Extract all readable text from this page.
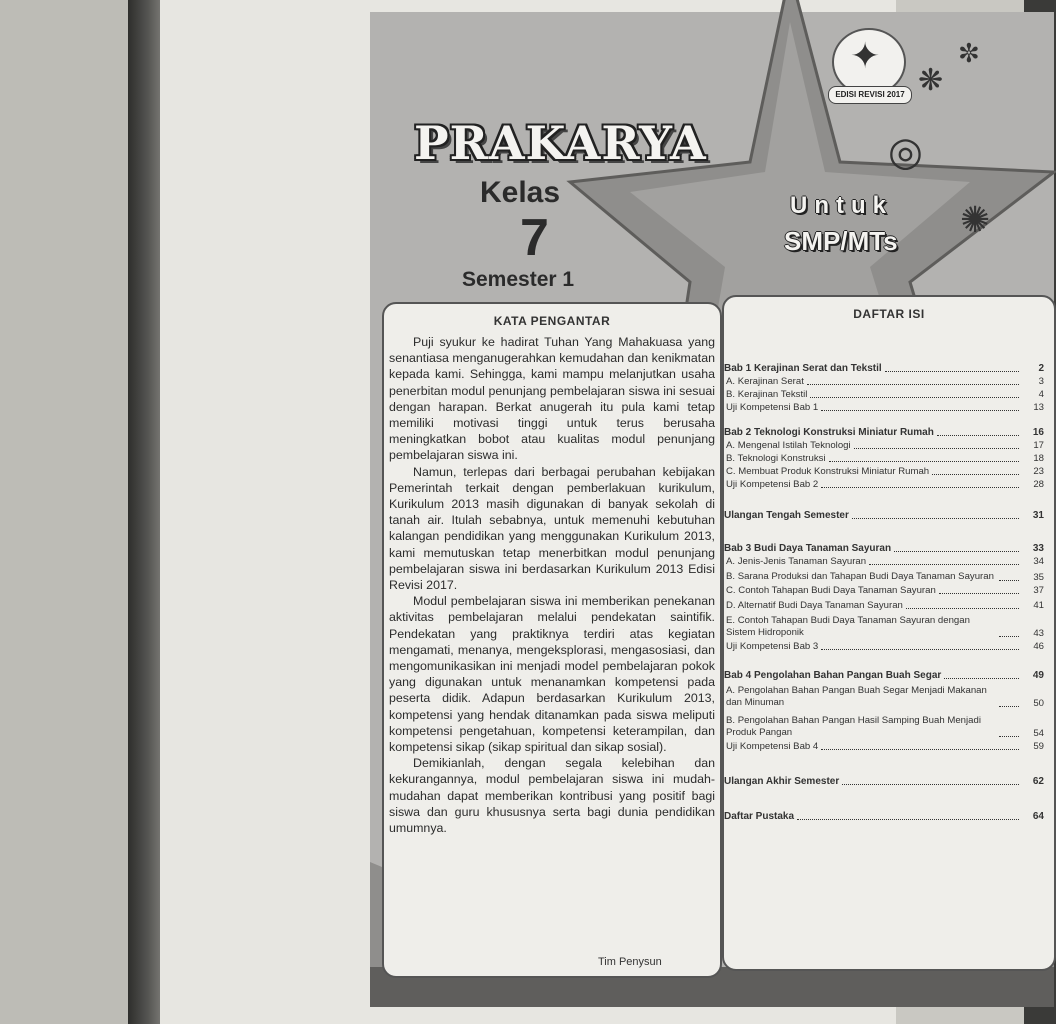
✦
EDISI REVISI 2017
✼
❋
◎
✺
PRAKARYA
Kelas
7
Semester 1
Untuk
SMP/MTs
KATA PENGANTAR

Puji syukur ke hadirat Tuhan Yang Mahakuasa yang senantiasa menganugerahkan kemudahan dan kenikmatan kepada kami. Sehingga, kami mampu melanjutkan usaha penerbitan modul penunjang pembelajaran siswa ini sesuai dengan harapan. Berkat anugerah itu pula kami tetap memiliki motivasi tinggi untuk terus berusaha meningkatkan bobot atau kualitas modul penunjang pembelajaran siswa ini.

Namun, terlepas dari berbagai perubahan kebijakan Pemerintah terkait dengan pemberlakuan kurikulum, Kurikulum 2013 masih digunakan di banyak sekolah di tanah air. Itulah sebabnya, untuk memenuhi kebutuhan kalangan pendidikan yang menggunakan Kurikulum 2013, kami memutuskan tetap menerbitkan modul penunjang pembelajaran siswa ini berdasarkan Kurikulum 2013 Edisi Revisi 2017.

Modul pembelajaran siswa ini memberikan penekanan aktivitas pembelajaran melalui pendekatan saintifik. Pendekatan yang praktiknya terdiri atas kegiatan mengamati, menanya, mengeksplorasi, mengasosiasi, dan mengomunikasikan ini menjadi model pembelajaran pokok yang digunakan untuk menanamkan kompetensi pada peserta didik. Adapun berdasarkan Kurikulum 2013, kompetensi yang hendak ditanamkan pada siswa meliputi kompetensi pengetahuan, kompetensi keterampilan, dan kompetensi sikap (sikap spiritual dan sikap sosial).

Demikianlah, dengan segala kelebihan dan kekurangannya, modul pembelajaran siswa ini mudah-mudahan dapat memberikan kontribusi yang positif bagi siswa dan guru khususnya serta bagi dunia pendidikan umumnya.

Tim Penysun
DAFTAR ISI
Bab 1 Kerajinan Serat dan Tekstil	2
A. Kerajinan Serat	3
B. Kerajinan Tekstil	4
Uji Kompetensi Bab 1	13
Bab 2 Teknologi Konstruksi Miniatur Rumah	16
A. Mengenal Istilah Teknologi	17
B. Teknologi Konstruksi	18
C. Membuat Produk Konstruksi Miniatur Rumah	23
Uji Kompetensi Bab 2	28
Ulangan Tengah Semester	31
Bab 3 Budi Daya Tanaman Sayuran	33
A. Jenis-Jenis Tanaman Sayuran	34
B. Sarana Produksi dan Tahapan Budi Daya Tanaman Sayuran	35
C. Contoh Tahapan Budi Daya Tanaman Sayuran	37
D. Alternatif Budi Daya Tanaman Sayuran	41
E. Contoh Tahapan Budi Daya Tanaman Sayuran dengan Sistem Hidroponik	43
Uji Kompetensi Bab 3	46
Bab 4 Pengolahan Bahan Pangan Buah Segar	49
A. Pengolahan Bahan Pangan Buah Segar Menjadi Makanan dan Minuman	50
B. Pengolahan Bahan Pangan Hasil Samping Buah Menjadi Produk Pangan	54
Uji Kompetensi Bab 4	59
Ulangan Akhir Semester	62
Daftar Pustaka	64
